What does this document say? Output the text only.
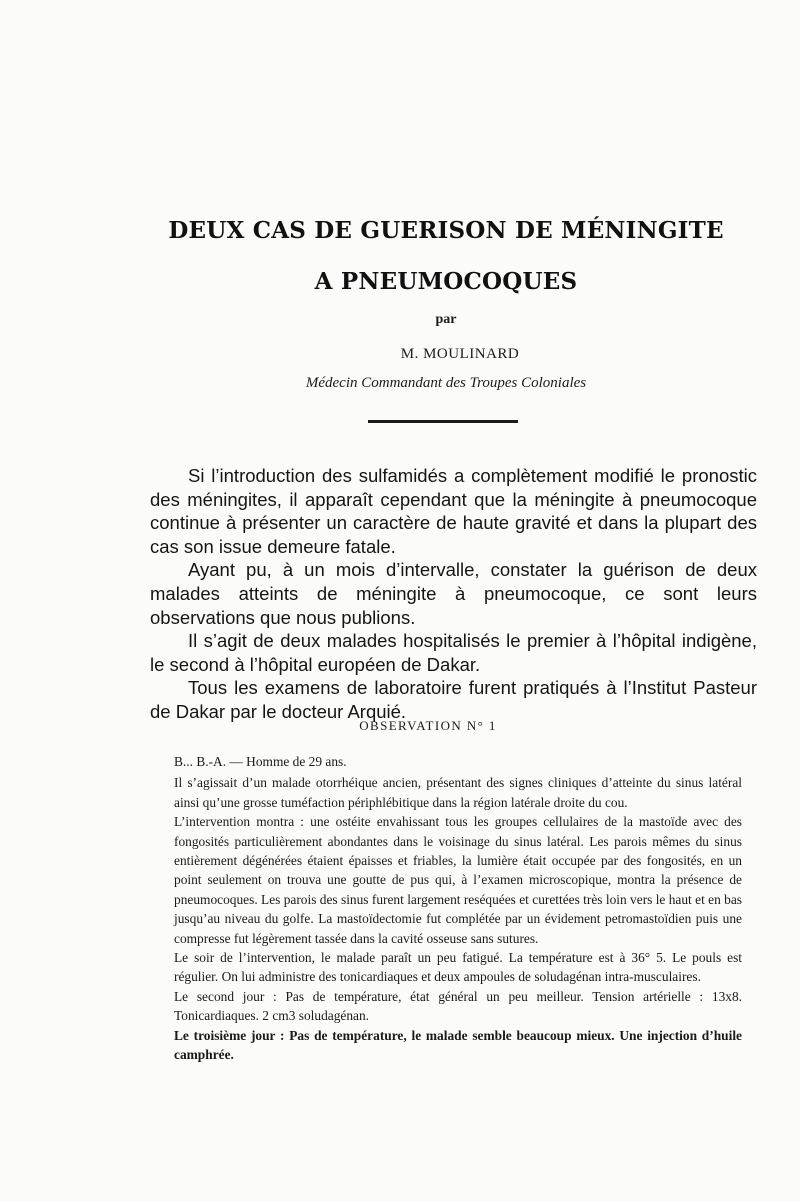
DEUX CAS DE GUERISON DE MÉNINGITE
A PNEUMOCOQUES
par
M. MOULINARD
Médecin Commandant des Troupes Coloniales

Si l’introduction des sulfamidés a complètement modifié le pronostic des méningites, il apparaît cependant que la méningite à pneumocoque continue à présenter un caractère de haute gravité et dans la plupart des cas son issue demeure fatale.

Ayant pu, à un mois d’intervalle, constater la guérison de deux malades atteints de méningite à pneumocoque, ce sont leurs observations que nous publions.

Il s’agit de deux malades hospitalisés le premier à l’hôpital indigène, le second à l’hôpital européen de Dakar.

Tous les examens de laboratoire furent pratiqués à l’Institut Pasteur de Dakar par le docteur Arquié.

OBSERVATION N° 1

B... B.-A. — Homme de 29 ans.

Il s’agissait d’un malade otorrhéique ancien, présentant des signes cliniques d’atteinte du sinus latéral ainsi qu’une grosse tuméfaction périphlébitique dans la région latérale droite du cou.

L’intervention montra : une ostéite envahissant tous les groupes cellulaires de la mastoïde avec des fongosités particulièrement abondantes dans le voisinage du sinus latéral. Les parois mêmes du sinus entièrement dégénérées étaient épaisses et friables, la lumière était occupée par des fongosités, en un point seulement on trouva une goutte de pus qui, à l’examen microscopique, montra la présence de pneumocoques. Les parois des sinus furent largement reséquées et curettées très loin vers le haut et en bas jusqu’au niveau du golfe. La mastoïdectomie fut complétée par un évidement petromastoïdien puis une compresse fut légèrement tassée dans la cavité osseuse sans sutures.

Le soir de l’intervention, le malade paraît un peu fatigué. La température est à 36° 5. Le pouls est régulier. On lui administre des tonicardiaques et deux ampoules de soludagénan intra-musculaires.

Le second jour : Pas de température, état général un peu meilleur. Tension artérielle : 13x8. Tonicardiaques. 2 cm3 soludagénan.

Le troisième jour : Pas de température, le malade semble beaucoup mieux. Une injection d’huile camphrée.
